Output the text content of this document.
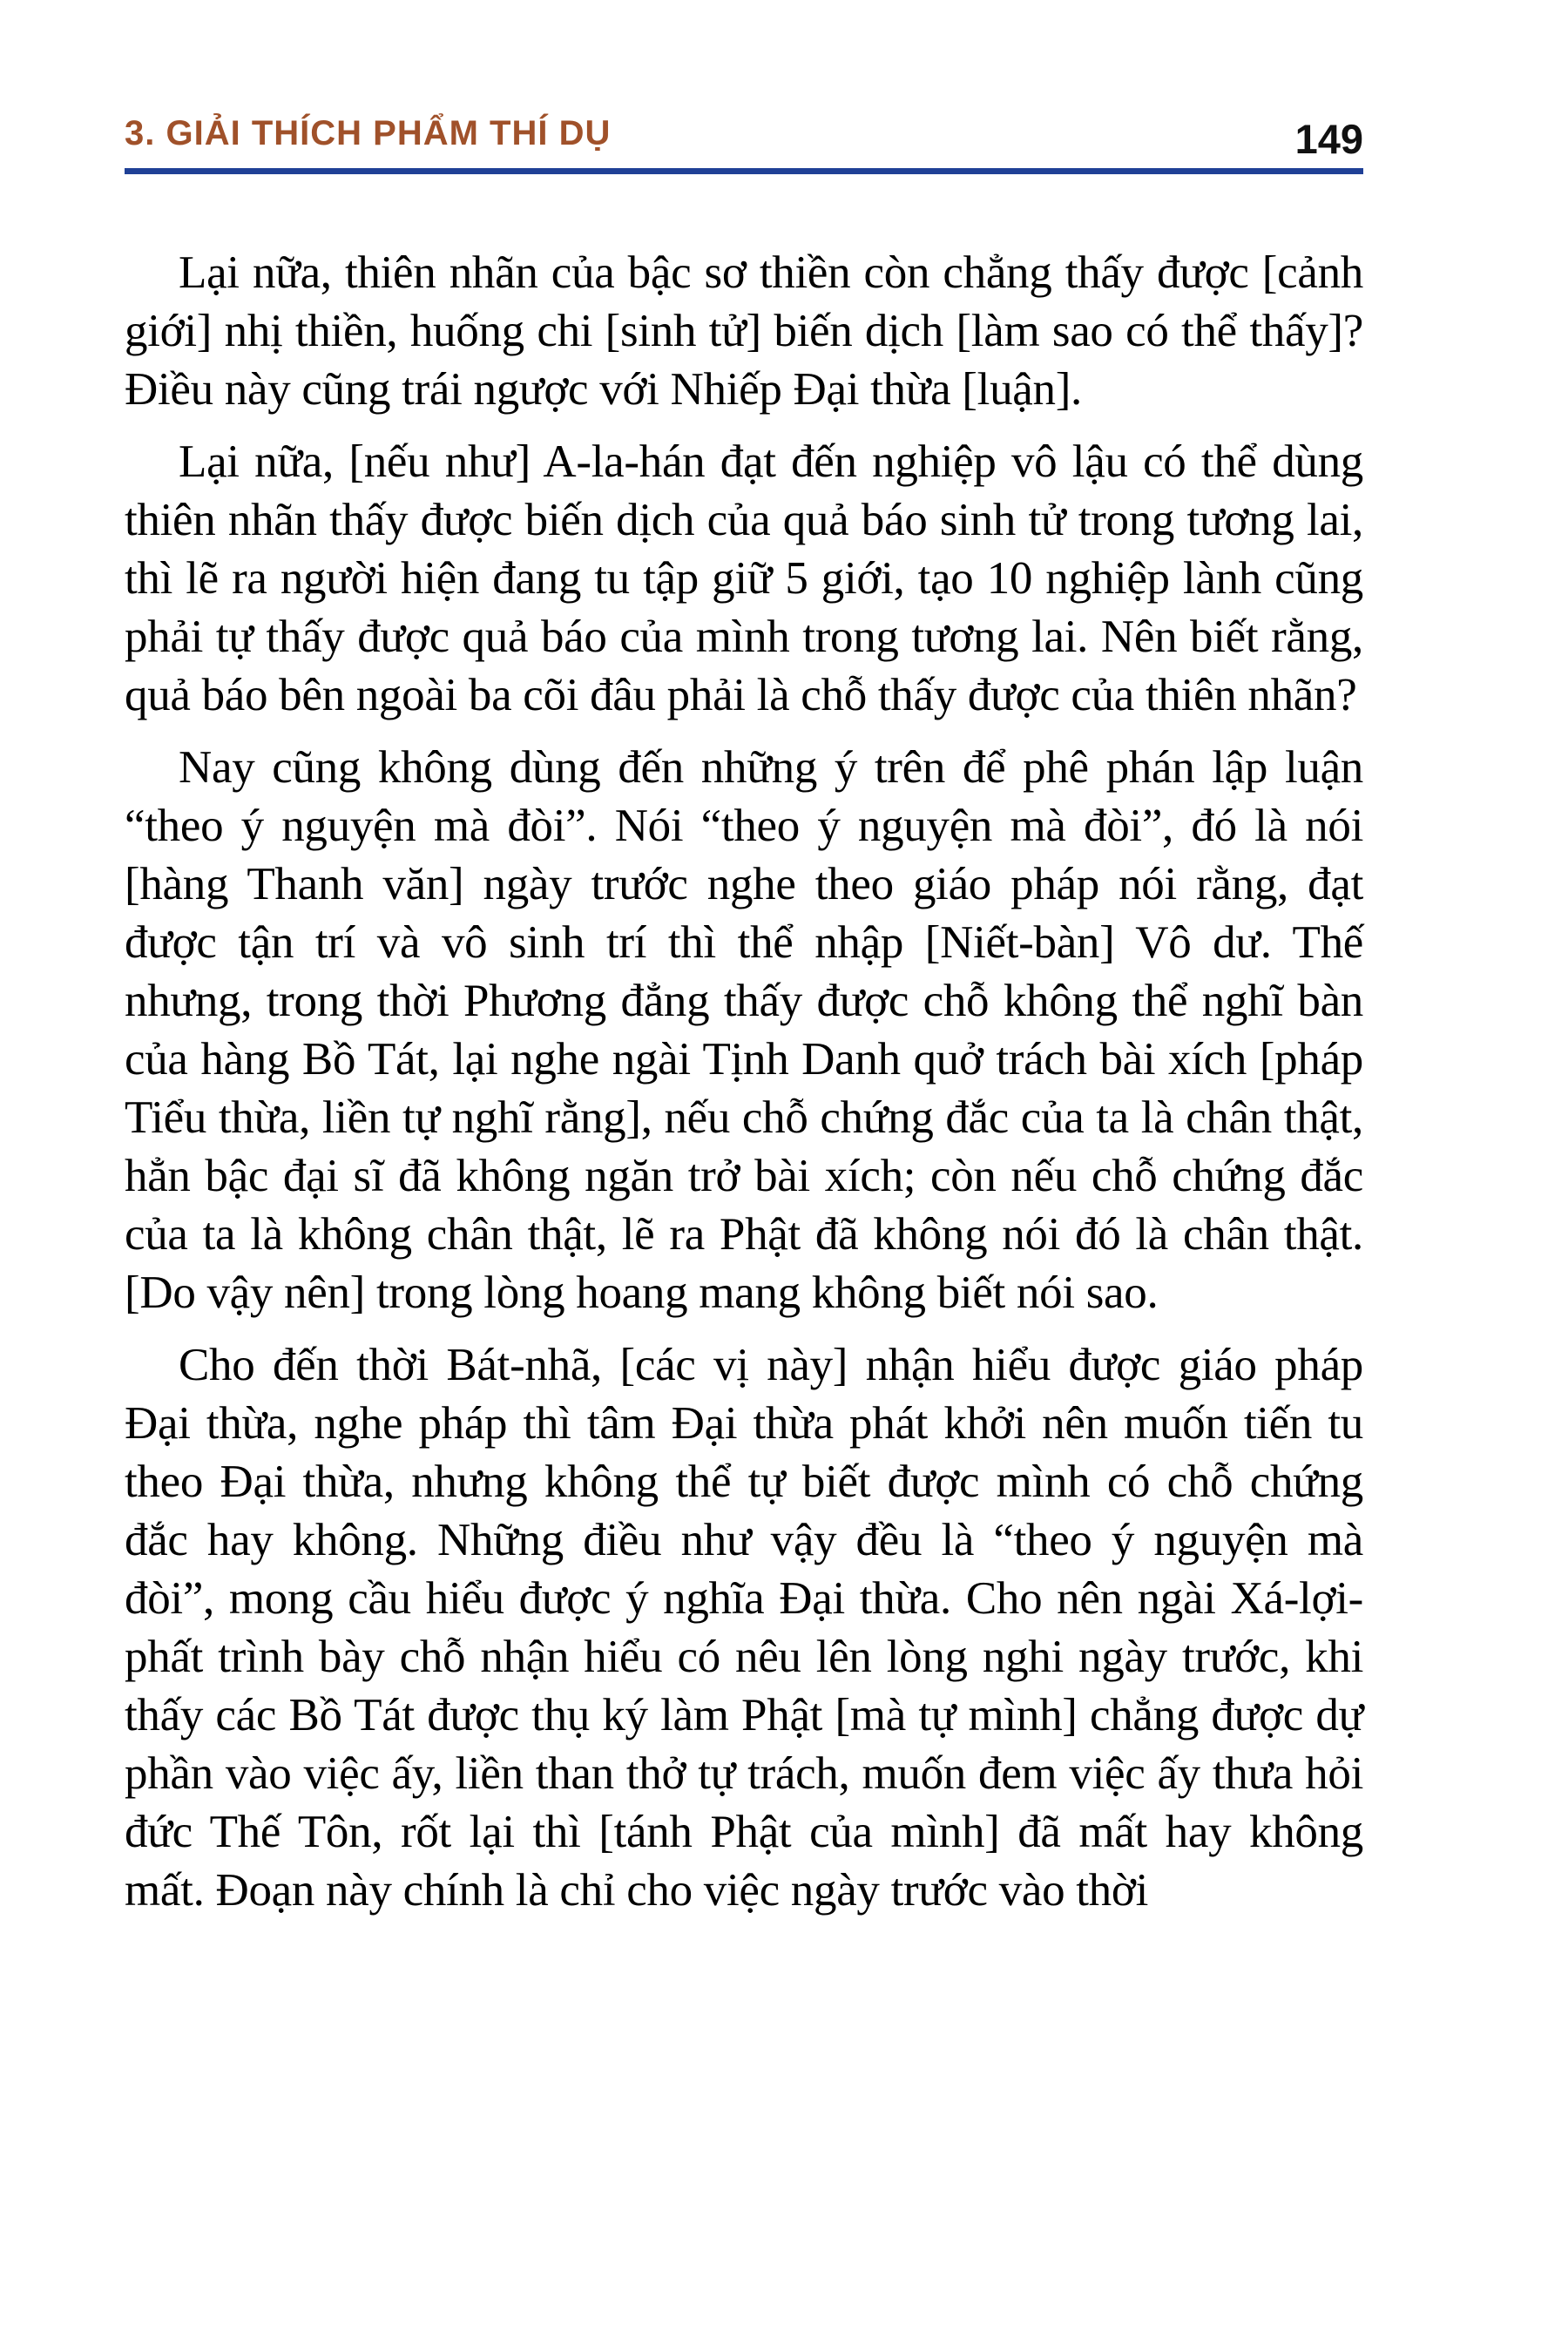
3. GIẢI THÍCH PHẨM THÍ DỤ	149

Lại nữa, thiên nhãn của bậc sơ thiền còn chẳng thấy được [cảnh giới] nhị thiền, huống chi [sinh tử] biến dịch [làm sao có thể thấy]? Điều này cũng trái ngược với Nhiếp Đại thừa [luận].

Lại nữa, [nếu như] A-la-hán đạt đến nghiệp vô lậu có thể dùng thiên nhãn thấy được biến dịch của quả báo sinh tử trong tương lai, thì lẽ ra người hiện đang tu tập giữ 5 giới, tạo 10 nghiệp lành cũng phải tự thấy được quả báo của mình trong tương lai. Nên biết rằng, quả báo bên ngoài ba cõi đâu phải là chỗ thấy được của thiên nhãn?

Nay cũng không dùng đến những ý trên để phê phán lập luận “theo ý nguyện mà đòi”. Nói “theo ý nguyện mà đòi”, đó là nói [hàng Thanh văn] ngày trước nghe theo giáo pháp nói rằng, đạt được tận trí và vô sinh trí thì thể nhập [Niết-bàn] Vô dư. Thế nhưng, trong thời Phương đẳng thấy được chỗ không thể nghĩ bàn của hàng Bồ Tát, lại nghe ngài Tịnh Danh quở trách bài xích [pháp Tiểu thừa, liền tự nghĩ rằng], nếu chỗ chứng đắc của ta là chân thật, hẳn bậc đại sĩ đã không ngăn trở bài xích; còn nếu chỗ chứng đắc của ta là không chân thật, lẽ ra Phật đã không nói đó là chân thật. [Do vậy nên] trong lòng hoang mang không biết nói sao.

Cho đến thời Bát-nhã, [các vị này] nhận hiểu được giáo pháp Đại thừa, nghe pháp thì tâm Đại thừa phát khởi nên muốn tiến tu theo Đại thừa, nhưng không thể tự biết được mình có chỗ chứng đắc hay không. Những điều như vậy đều là “theo ý nguyện mà đòi”, mong cầu hiểu được ý nghĩa Đại thừa. Cho nên ngài Xá-lợi-phất trình bày chỗ nhận hiểu có nêu lên lòng nghi ngày trước, khi thấy các Bồ Tát được thụ ký làm Phật [mà tự mình] chẳng được dự phần vào việc ấy, liền than thở tự trách, muốn đem việc ấy thưa hỏi đức Thế Tôn, rốt lại thì [tánh Phật của mình] đã mất hay không mất. Đoạn này chính là chỉ cho việc ngày trước vào thời
